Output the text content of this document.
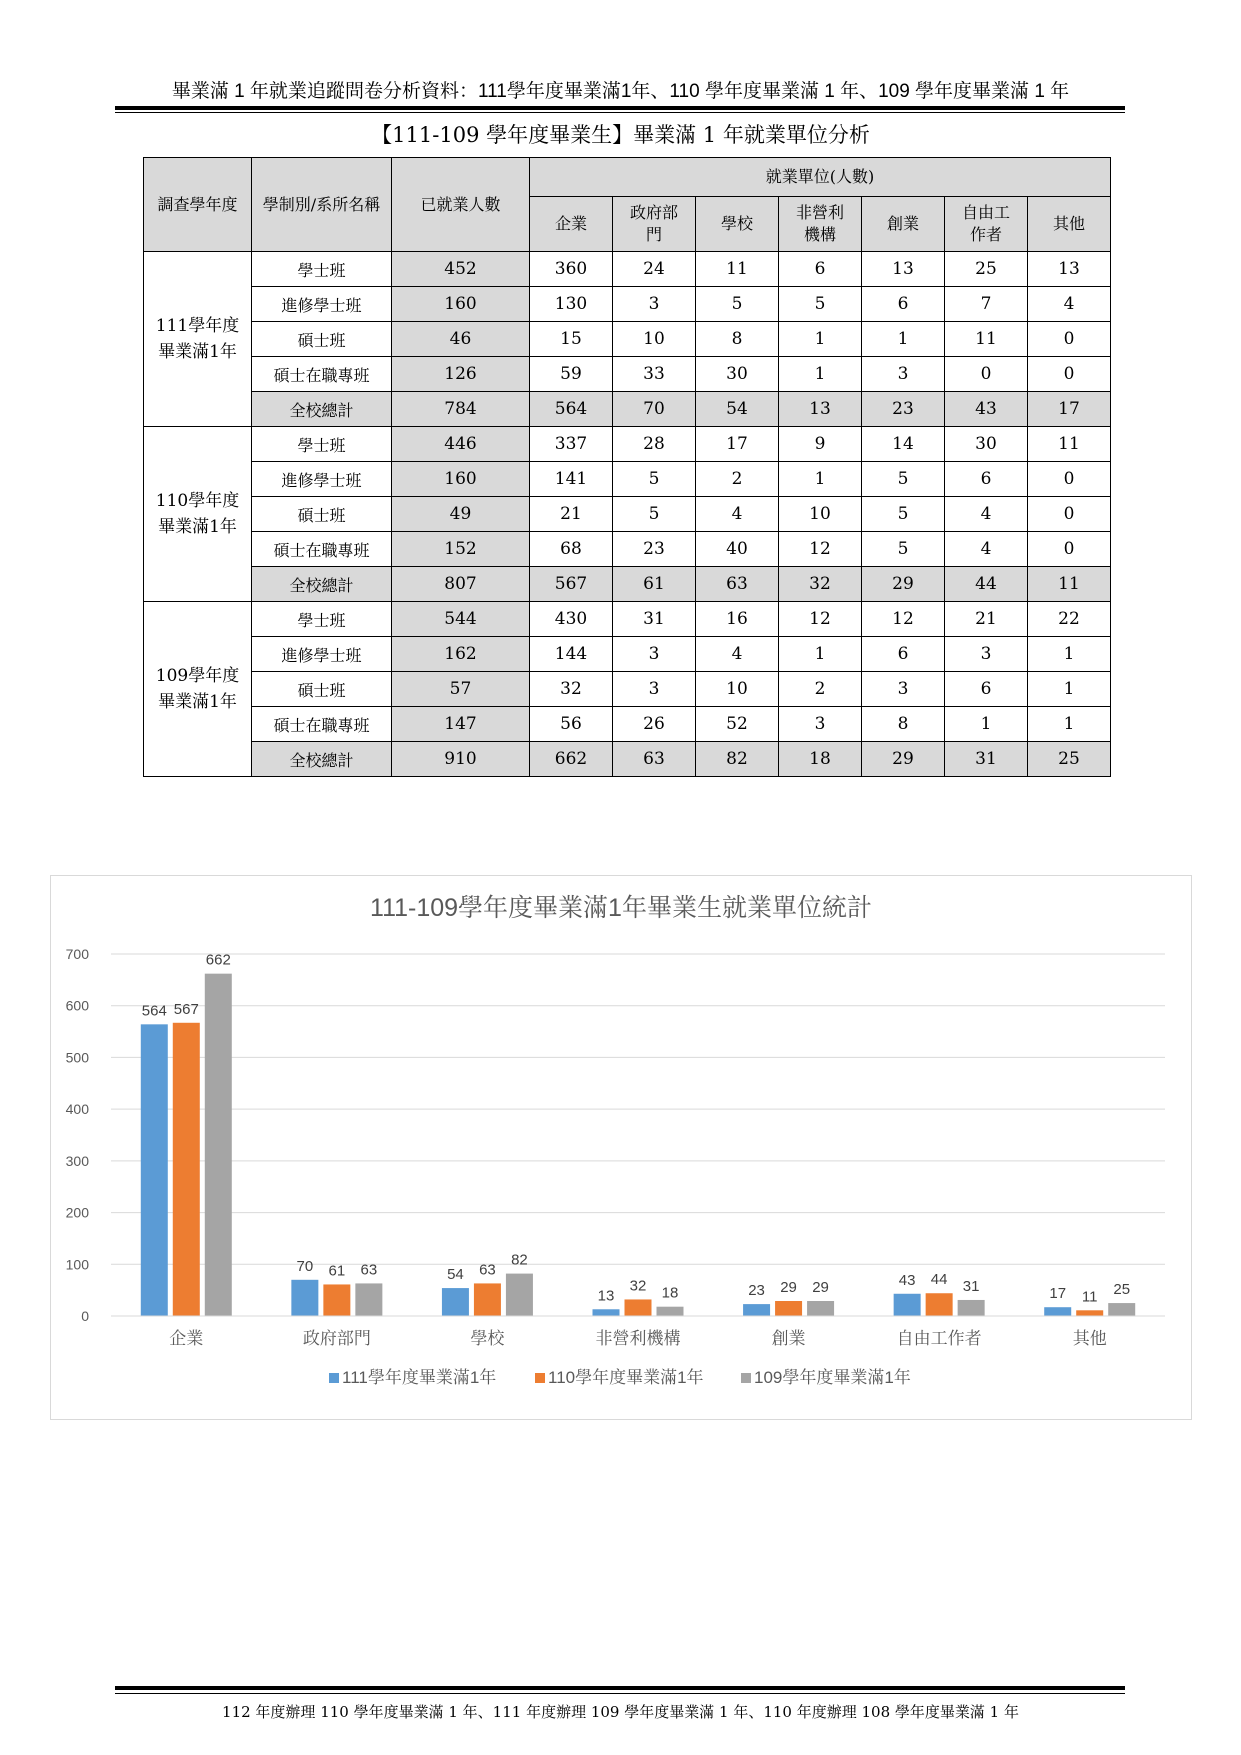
畢業滿 1 年就業追蹤問卷分析資料：111學年度畢業滿1年、110 學年度畢業滿 1 年、109 學年度畢業滿 1 年
【111-109 學年度畢業生】畢業滿 1 年就業單位分析
調查學年度	學制別/系所名稱	已就業人數	就業單位(人數)						

			企業	政府部門	學校	非營利機構	創業	自由工作者	其他

111學年度畢業滿1年	學士班	452	360	24	11	6	13	25	13
	進修學士班	160	130	3	5	5	6	7	4
	碩士班	46	15	10	8	1	1	11	0
	碩士在職專班	126	59	33	30	1	3	0	0
	全校總計	784	564	70	54	13	23	43	17

110學年度畢業滿1年	學士班	446	337	28	17	9	14	30	11
	進修學士班	160	141	5	2	1	5	6	0
	碩士班	49	21	5	4	10	5	4	0
	碩士在職專班	152	68	23	40	12	5	4	0
	全校總計	807	567	61	63	32	29	44	11

109學年度畢業滿1年	學士班	544	430	31	16	12	12	21	22
	進修學士班	162	144	3	4	1	6	3	1
	碩士班	57	32	3	10	2	3	6	1
	碩士在職專班	147	56	26	52	3	8	1	1
	全校總計	910	662	63	82	18	29	31	25
111-109學年度畢業滿1年畢業生就業單位統計
0
100
200
300
400
500
600
700
564 567
662
企業
70 61 63
政府部門
54 63
82
學校
13
32 18
非營利機構
23 29 29
創業
43 44 31
自由工作者
17 11 25
其他
111學年度畢業滿1年	110學年度畢業滿1年	109學年度畢業滿1年
112 年度辦理 110 學年度畢業滿 1 年、111 年度辦理 109 學年度畢業滿 1 年、110 年度辦理 108 學年度畢業滿 1 年
